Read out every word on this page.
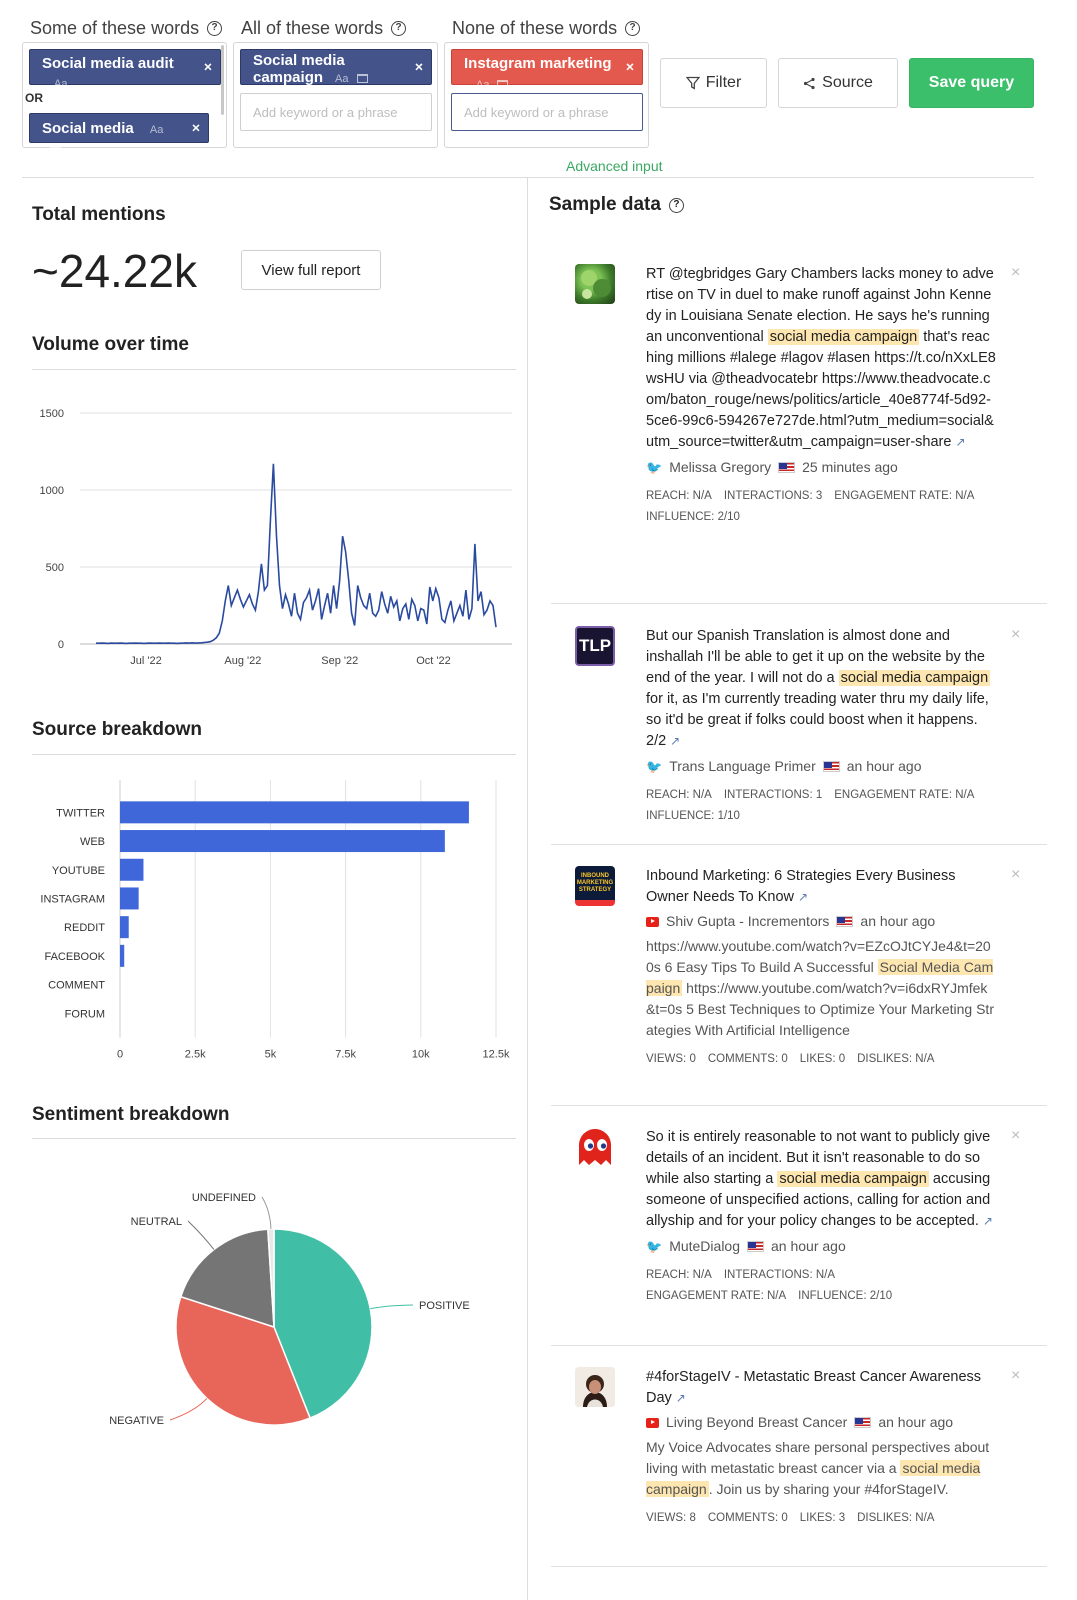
Some of these words	? All of these words	?	None of these words	?
Social media audit Aa
×
OR
Social media Aa ×
Social media
campaign Aa
×
Add keyword or a phrase
Instagram marketing
Aa
×
Add keyword or a phrase
Filter	Source	Save query
Advanced input
Total mentions
~24.22k	View full report
Volume over time
0
500
1000
1500
Jul '22	Aug '22	Sep '22	Oct '22
Source breakdown
0	2.5k	5k	7.5k	10k	12.5k
TWITTER
WEB
YOUTUBE
INSTAGRAM
REDDIT
FACEBOOK
COMMENT
FORUM
Sentiment breakdown
POSITIVE
NEGATIVE
NEUTRAL
UNDEFINED
Sample data	?
RT @tegbridges Gary Chambers lacks money to advertise on TV in duel to make runoff against John Kennedy in Louisiana Senate election. He says he's running an unconventional social media campaign that's reaching millions #lalege #lagov #lasen https://t.co/nXxLE8wsHU via @theadvocatebr https://www.theadvocate.com/baton_rouge/news/politics/article_40e8774f-5d92-5ce6-99c6-594267e727de.html?utm_medium=social&utm_source=twitter&utm_campaign=user-share ↗
🐦 Melissa Gregory 25 minutes ago
REACH: N/A INTERACTIONS: 3 ENGAGEMENT RATE: N/A
INFLUENCE: 2/10
×
TLP But our Spanish Translation is almost done and inshallah I'll be able to get it up on the website by the end of the year. I will not do a social media campaign for it, as I'm currently treading water thru my daily life, so it'd be great if folks could boost when it happens. 2/2 ↗
🐦 Trans Language Primer an hour ago
REACH: N/A INTERACTIONS: 1 ENGAGEMENT RATE: N/A
INFLUENCE: 1/10
×
INBOUND MARKETING STRATEGY
Inbound Marketing: 6 Strategies Every Business Owner Needs To Know ↗
Shiv Gupta - Incrementors an hour ago
https://www.youtube.com/watch?v=EZcOJtCYJe4&t=200s 6 Easy Tips To Build A Successful Social Media Campaign https://www.youtube.com/watch?v=i6dxRYJmfek&t=0s 5 Best Techniques to Optimize Your Marketing Strategies With Artificial Intelligence
VIEWS: 0 COMMENTS: 0 LIKES: 0 DISLIKES: N/A
×
So it is entirely reasonable to not want to publicly give details of an incident. But it isn't reasonable to do so while also starting a social media campaign accusing someone of unspecified actions, calling for action and allyship and for your policy changes to be accepted. ↗
🐦 MuteDialog an hour ago
REACH: N/A INTERACTIONS: N/A
ENGAGEMENT RATE: N/A INFLUENCE: 2/10
×
#4forStageIV - Metastatic Breast Cancer Awareness Day ↗
Living Beyond Breast Cancer an hour ago
My Voice Advocates share personal perspectives about living with metastatic breast cancer via a social media campaign . Join us by sharing your #4forStageIV.
VIEWS: 8 COMMENTS: 0 LIKES: 3 DISLIKES: N/A
×
